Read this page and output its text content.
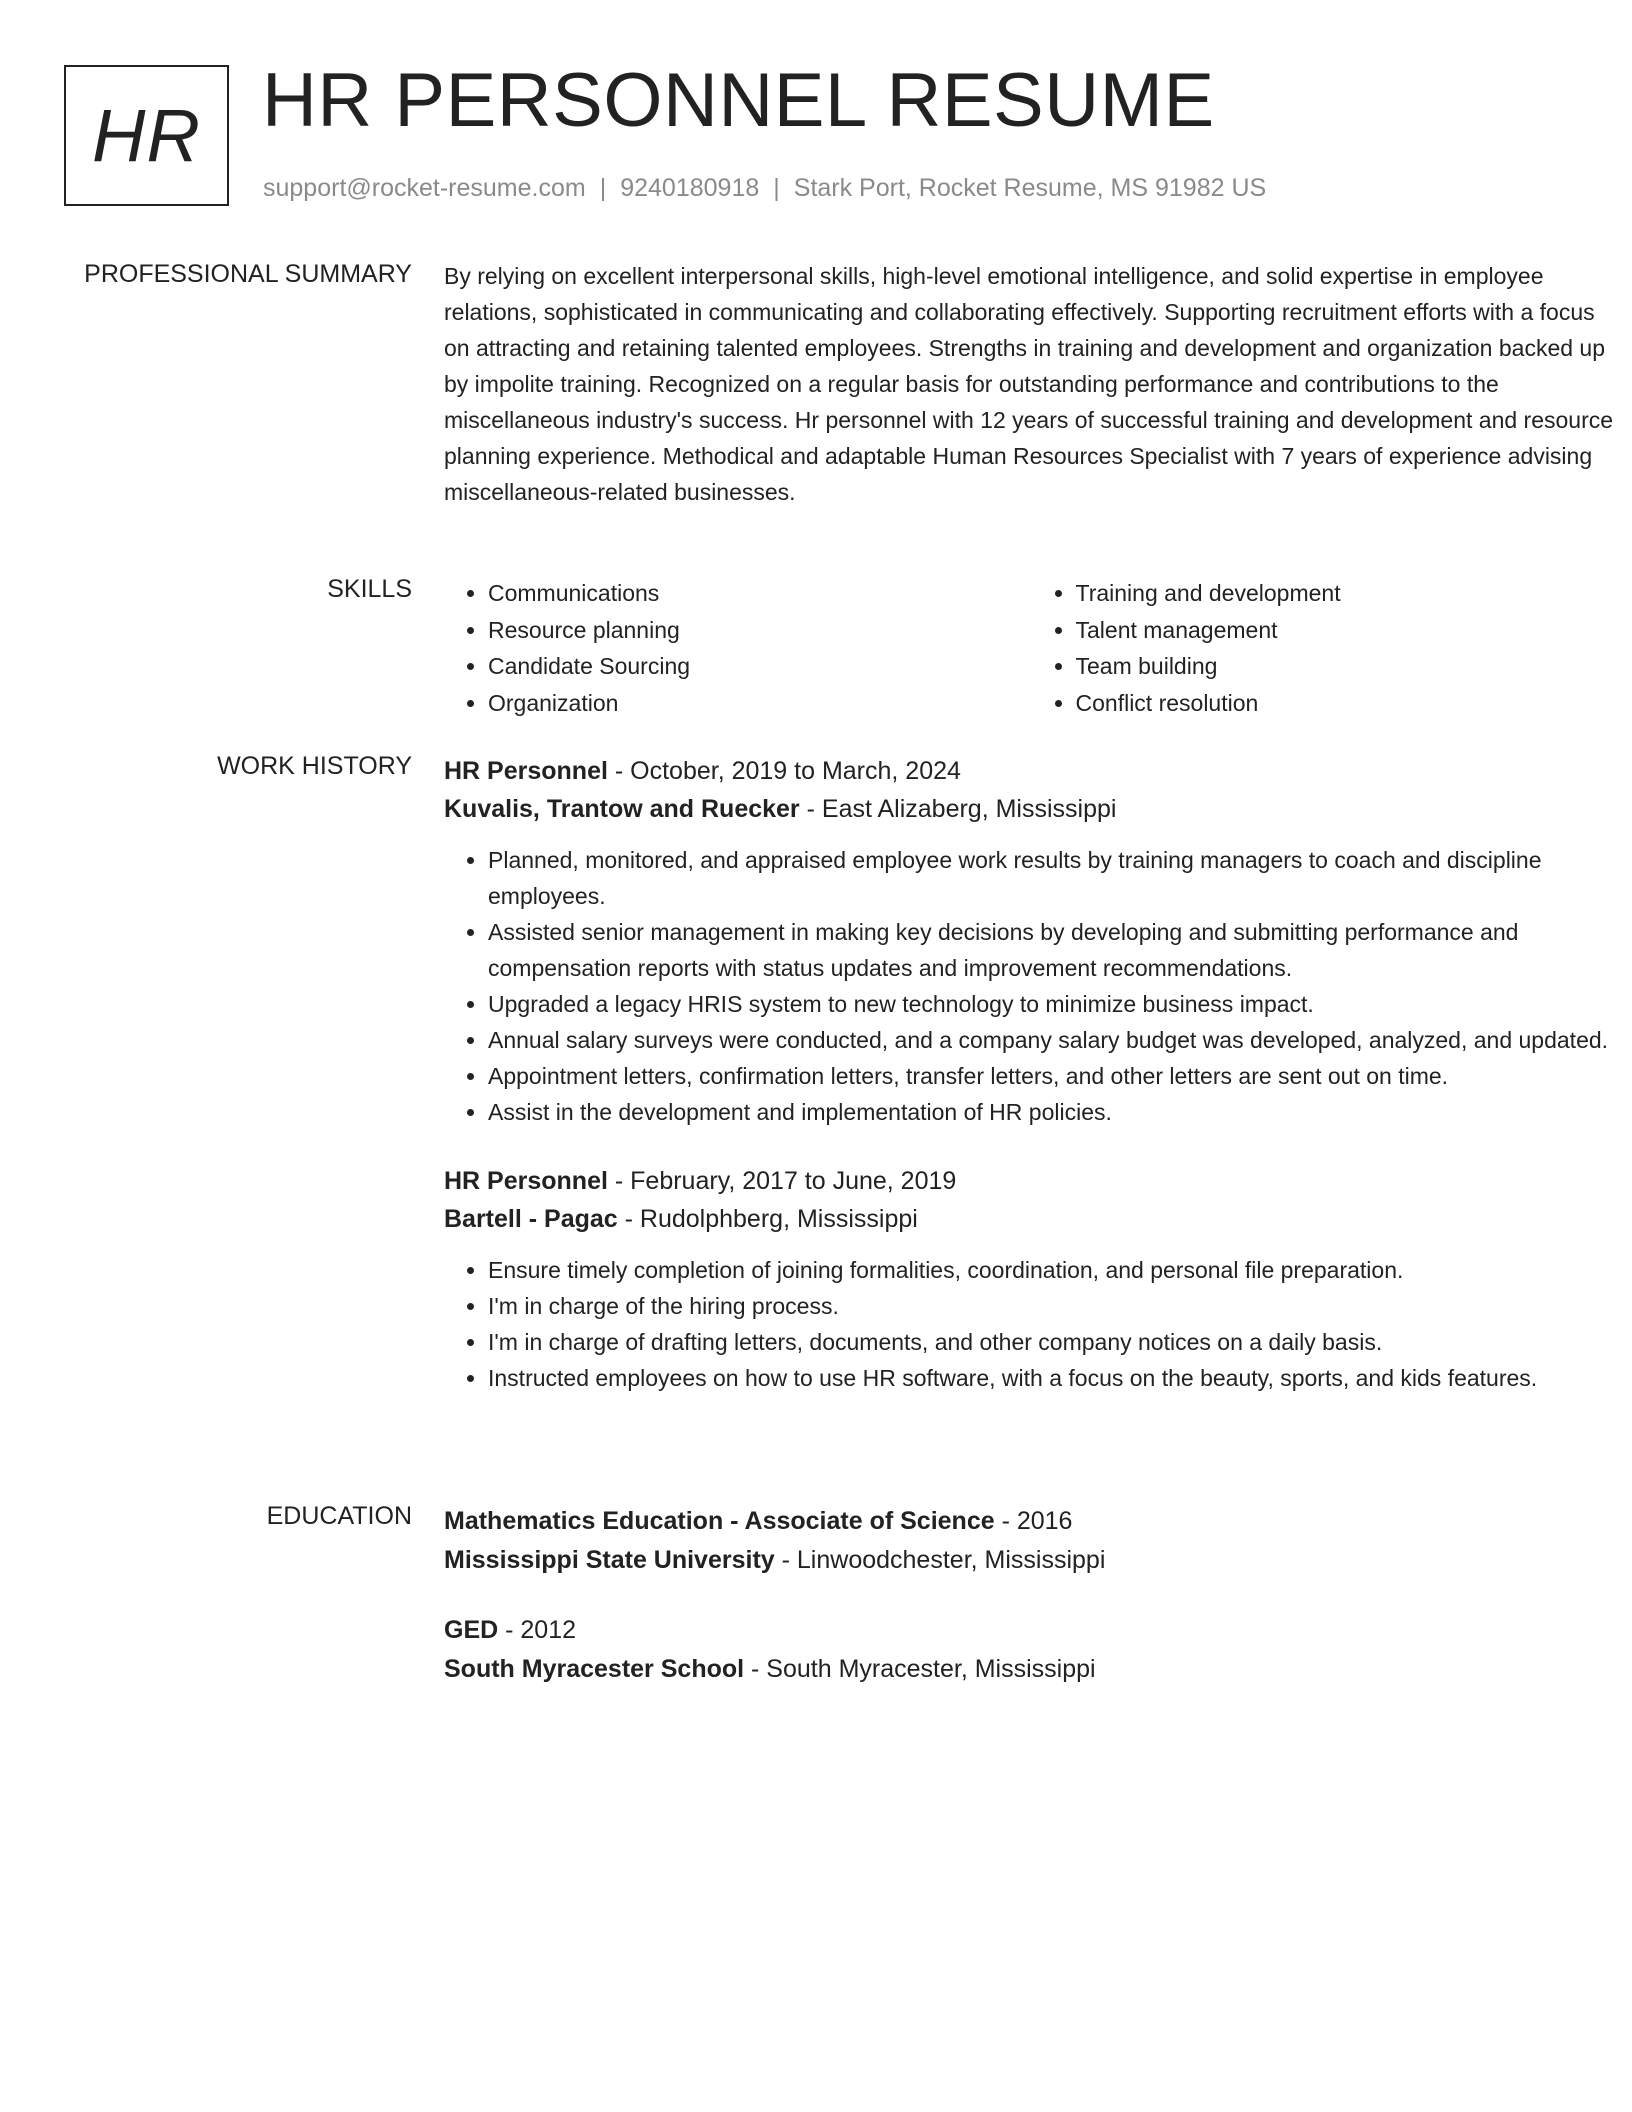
HR HR PERSONNEL RESUME
support@rocket-resume.com | 9240180918 | Stark Port, Rocket Resume, MS 91982 US
PROFESSIONAL SUMMARY By relying on excellent interpersonal skills, high-level emotional intelligence, and solid expertise in employee relations, sophisticated in communicating and collaborating effectively. Supporting recruitment efforts with a focus on attracting and retaining talented employees. Strengths in training and development and organization backed up by impolite training. Recognized on a regular basis for outstanding performance and contributions to the miscellaneous industry's success. Hr personnel with 12 years of successful training and development and resource planning experience. Methodical and adaptable Human Resources Specialist with 7 years of experience advising miscellaneous-related businesses.

SKILLS
•	Communications
• Resource planning
• Candidate Sourcing
• Organization
• Training and development
• Talent management
• Team building
• Conflict resolution
WORK HISTORY HR Personnel - October, 2019 to March, 2024

Kuvalis, Trantow and Ruecker - East Alizaberg, Mississippi

• Planned, monitored, and appraised employee work results by training managers to coach and discipline employees.
• Assisted senior management in making key decisions by developing and submitting performance and compensation reports with status updates and improvement recommendations.
• Upgraded a legacy HRIS system to new technology to minimize business impact.
• Annual salary surveys were conducted, and a company salary budget was developed, analyzed, and updated.
• Appointment letters, confirmation letters, transfer letters, and other letters are sent out on time.
• Assist in the development and implementation of HR policies.

HR Personnel - February, 2017 to June, 2019

Bartell - Pagac - Rudolphberg, Mississippi

• Ensure timely completion of joining formalities, coordination, and personal file preparation.
• I'm in charge of the hiring process.
• I'm in charge of drafting letters, documents, and other company notices on a daily basis.
• Instructed employees on how to use HR software, with a focus on the beauty, sports, and kids features.
EDUCATION Mathematics Education - Associate of Science - 2016

Mississippi State University - Linwoodchester, Mississippi

GED - 2012

South Myracester School - South Myracester, Mississippi
